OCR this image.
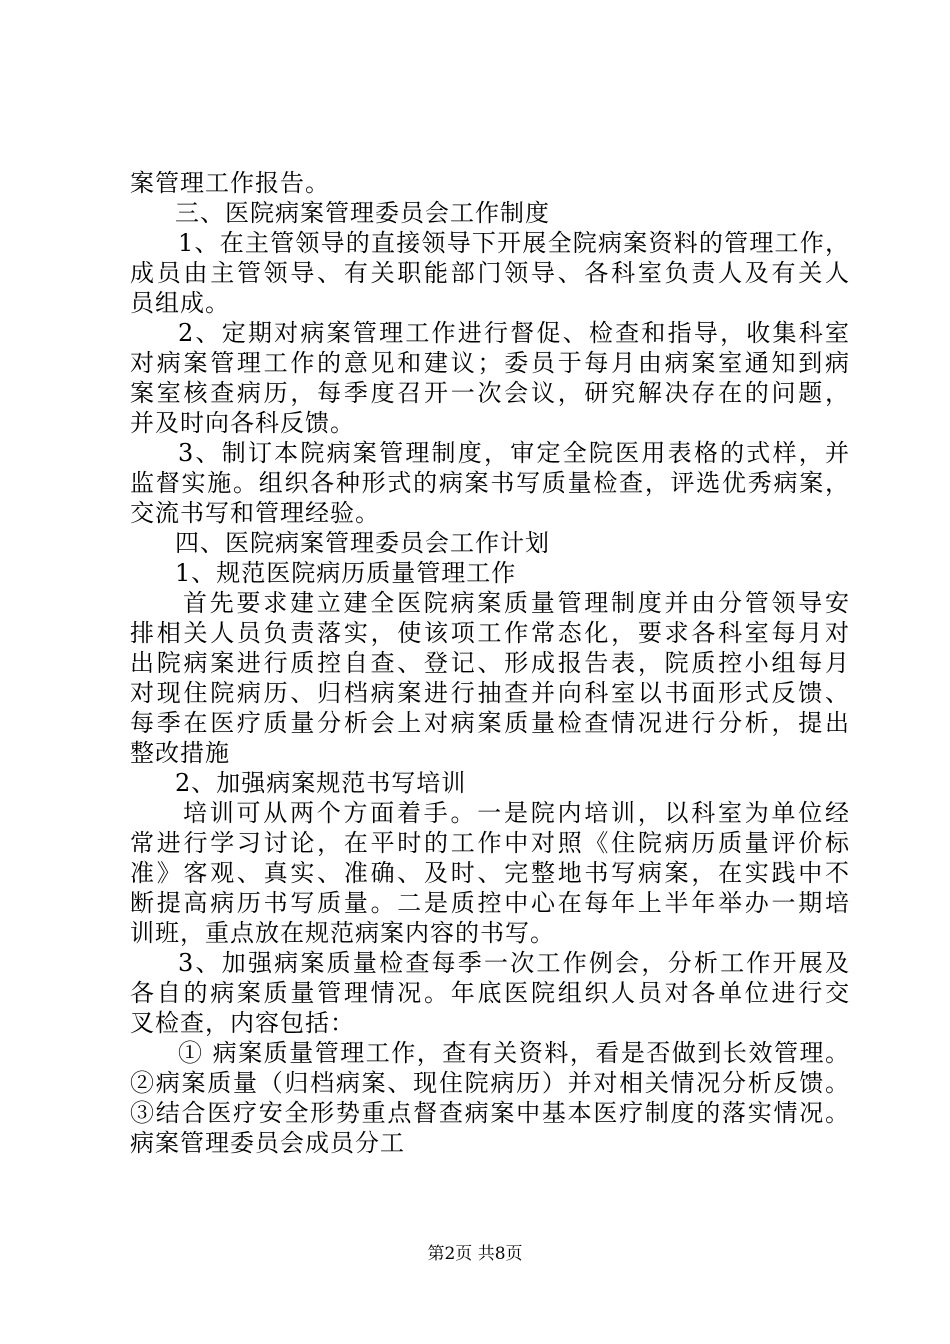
案管理工作报告。
三、医院病案管理委员会工作制度
1、在主管领导的直接领导下开展全院病案资料的管理工作，
成员由主管领导、有关职能部门领导、各科室负责人及有关人
员组成。
2、定期对病案管理工作进行督促、检查和指导，收集科室
对病案管理工作的意见和建议；委员于每月由病案室通知到病
案室核查病历，每季度召开一次会议，研究解决存在的问题，
并及时向各科反馈。
3、制订本院病案管理制度，审定全院医用表格的式样，并
监督实施。组织各种形式的病案书写质量检查，评选优秀病案，
交流书写和管理经验。
四、医院病案管理委员会工作计划
1、规范医院病历质量管理工作
首先要求建立建全医院病案质量管理制度并由分管领导安
排相关人员负责落实，使该项工作常态化，要求各科室每月对
出院病案进行质控自查、登记、形成报告表，院质控小组每月
对现住院病历、归档病案进行抽查并向科室以书面形式反馈、
每季在医疗质量分析会上对病案质量检查情况进行分析，提出
整改措施
2、加强病案规范书写培训
培训可从两个方面着手。一是院内培训，以科室为单位经
常进行学习讨论，在平时的工作中对照《住院病历质量评价标
准》客观、真实、准确、及时、完整地书写病案，在实践中不
断提高病历书写质量。二是质控中心在每年上半年举办一期培
训班，重点放在规范病案内容的书写。
3、加强病案质量检查每季一次工作例会，分析工作开展及
各自的病案质量管理情况。年底医院组织人员对各单位进行交
叉检查，内容包括：
① 病案质量管理工作，查有关资料，看是否做到长效管理。
②病案质量（归档病案、现住院病历）并对相关情况分析反馈。
③结合医疗安全形势重点督查病案中基本医疗制度的落实情况。
病案管理委员会成员分工
第2页 共8页
